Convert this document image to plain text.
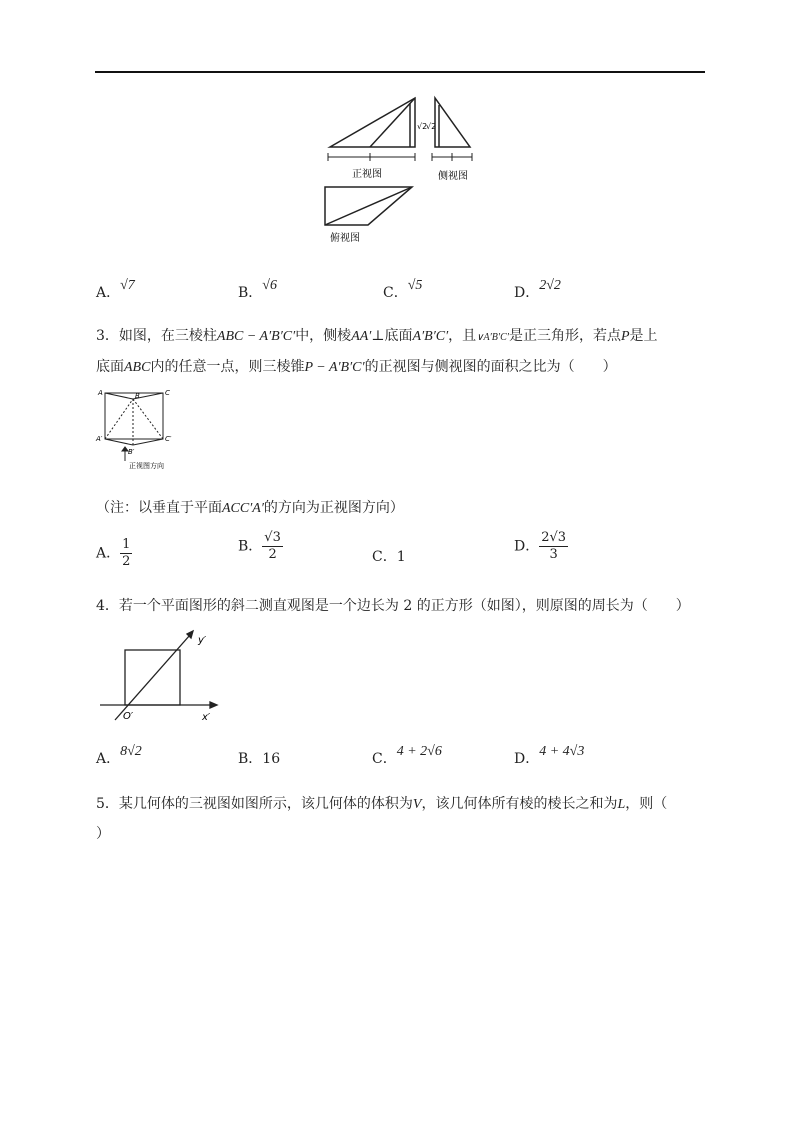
√2
√2
正视图	侧视图
俯视图
A．√7	B．√6	C．√5	D．2√2
3．如图，在三棱柱ABC − A′B′C′中，侧棱AA′⊥底面A′B′C′，且∨A′B′C′是正三角形，若点P是上
底面ABC内的任意一点，则三棱锥P − A′B′C′的正视图与侧视图的面积之比为（　　）
A	B	C
A′
B′
C′
正视图方向
（注：以垂直于平面ACC′A′的方向为正视图方向）
A． $\frac{1}{2}$	B． $\frac{√3}{2}$	C．1
D． $\frac{2√3}{3}$
4．若一个平面图形的斜二测直观图是一个边长为 2 的正方形（如图），则原图的周长为（　　）
y′
x′
O′
A．8√2	B．16	C．4 + 2√6	D．4 + 4√3
5．某几何体的三视图如图所示，该几何体的体积为V，该几何体所有棱的棱长之和为L，则（
）
